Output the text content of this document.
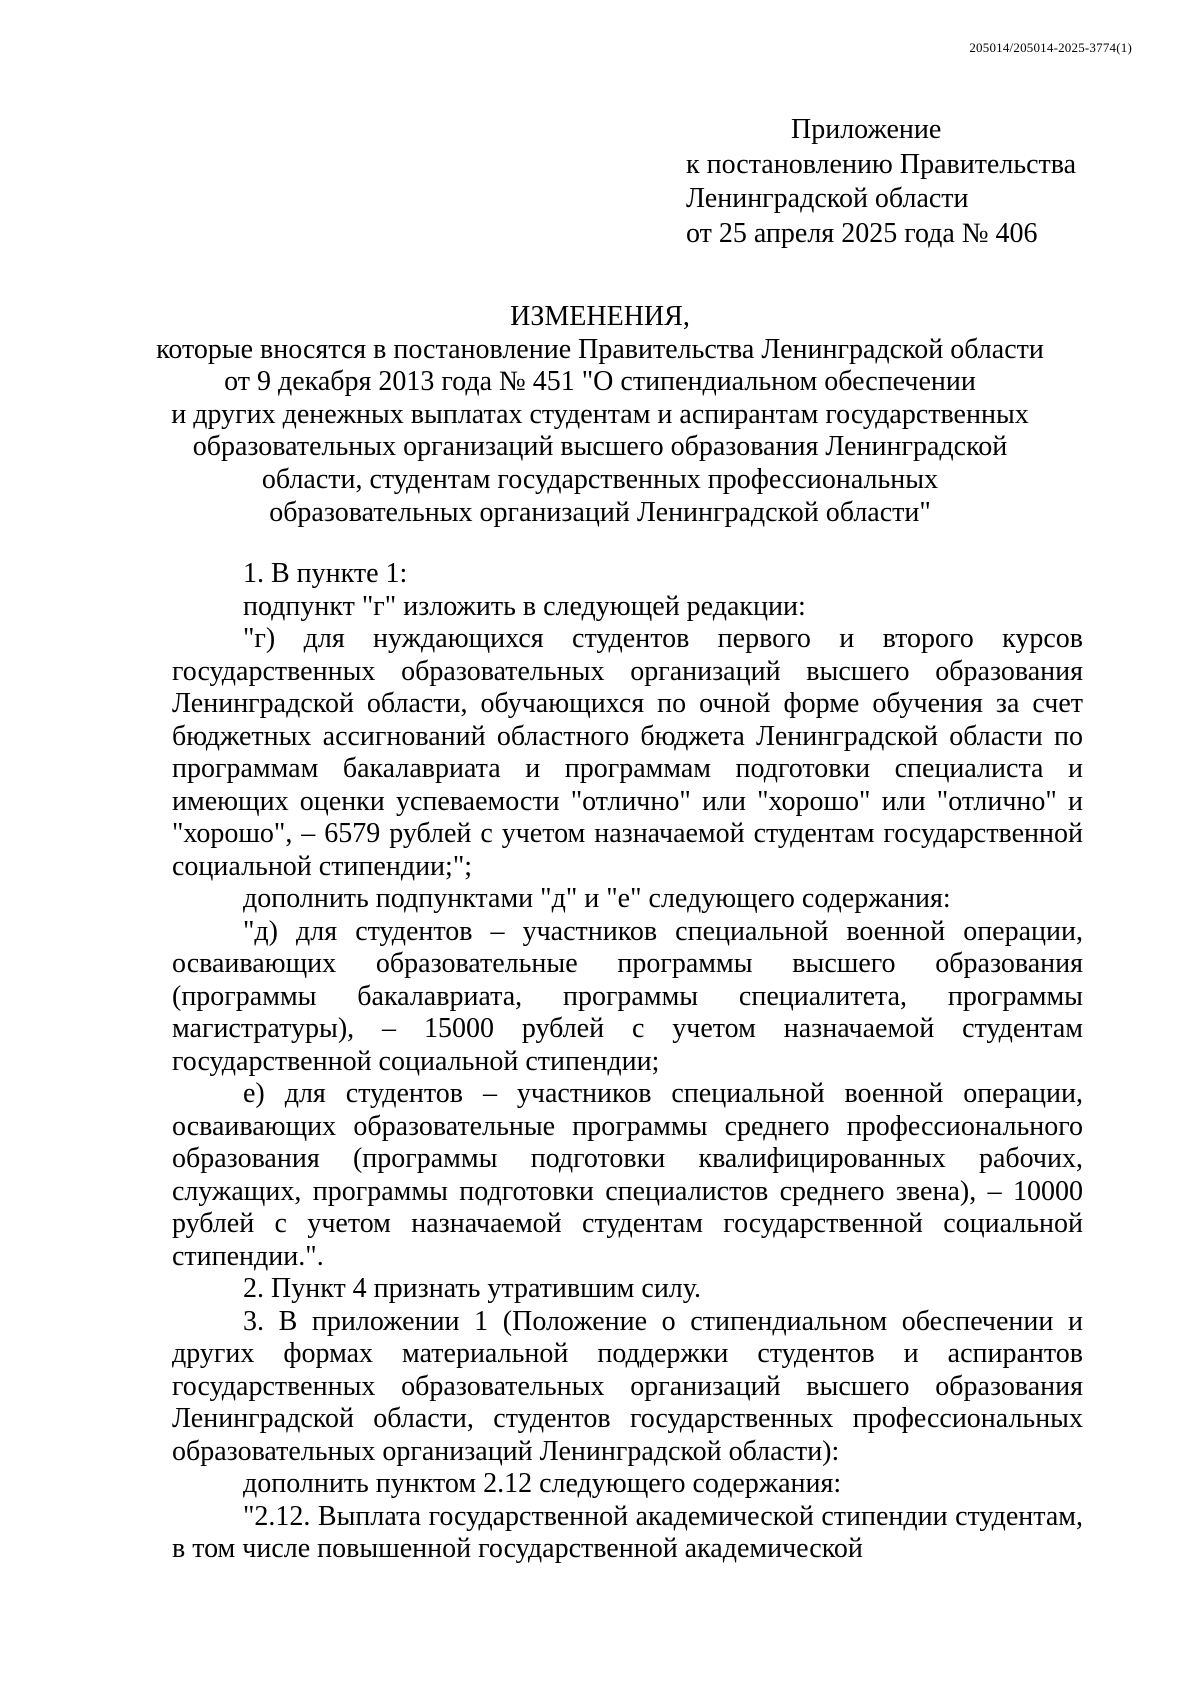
205014/205014-2025-3774(1)
Приложение
к постановлению Правительства
Ленинградской области
от 25 апреля 2025 года № 406
ИЗМЕНЕНИЯ,
которые вносятся в постановление Правительства Ленинградской области
от 9 декабря 2013 года № 451 "О стипендиальном обеспечении
и других денежных выплатах студентам и аспирантам государственных
образовательных организаций высшего образования Ленинградской
области, студентам государственных профессиональных
образовательных организаций Ленинградской области"

1. В пункте 1:

подпункт "г" изложить в следующей редакции:

"г) для нуждающихся студентов первого и второго курсов государственных образовательных организаций высшего образования Ленинградской области, обучающихся по очной форме обучения за счет бюджетных ассигнований областного бюджета Ленинградской области по программам бакалавриата и программам подготовки специалиста и имеющих оценки успеваемости "отлично" или "хорошо" или "отлично" и "хорошо", – 6579 рублей с учетом назначаемой студентам государственной социальной стипендии;";

дополнить подпунктами "д" и "е" следующего содержания:

"д) для студентов – участников специальной военной операции, осваивающих образовательные программы высшего образования (программы бакалавриата, программы специалитета, программы магистратуры), – 15000 рублей с учетом назначаемой студентам государственной социальной стипендии;

е) для студентов – участников специальной военной операции, осваивающих образовательные программы среднего профессионального образования (программы подготовки квалифицированных рабочих, служащих, программы подготовки специалистов среднего звена), – 10000 рублей с учетом назначаемой студентам государственной социальной стипендии.".

2. Пункт 4 признать утратившим силу.

3. В приложении 1 (Положение о стипендиальном обеспечении и других формах материальной поддержки студентов и аспирантов государственных образовательных организаций высшего образования Ленинградской области, студентов государственных профессиональных образовательных организаций Ленинградской области):

дополнить пунктом 2.12 следующего содержания:

"2.12. Выплата государственной академической стипендии студентам, в том числе повышенной государственной академической
